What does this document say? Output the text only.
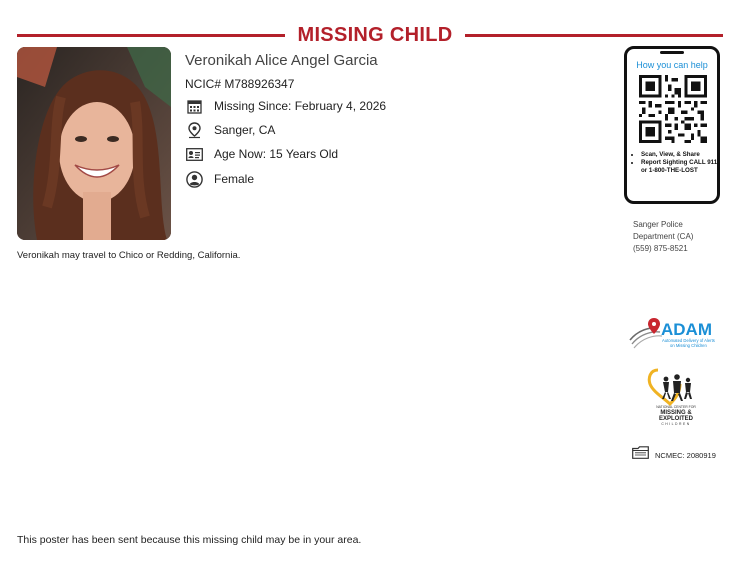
MISSING CHILD
Veronikah Alice Angel Garcia
NCIC# M788926347
Missing Since: February 4, 2026
Sanger, CA
Age Now: 15 Years Old
Female
Veronikah may travel to Chico or Redding, California.
How you can help
• Scan, View, & Share
• Report Sighting CALL 911 or 1-800-THE-LOST
Sanger Police
Department (CA)
(559) 875-8521
ADAM
Automated Delivery of Alerts
on Missing Children
NATIONAL CENTER FOR
MISSING &
EXPLOITED
CHILDREN
NCMEC: 2080919
This poster has been sent because this missing child may be in your area.
